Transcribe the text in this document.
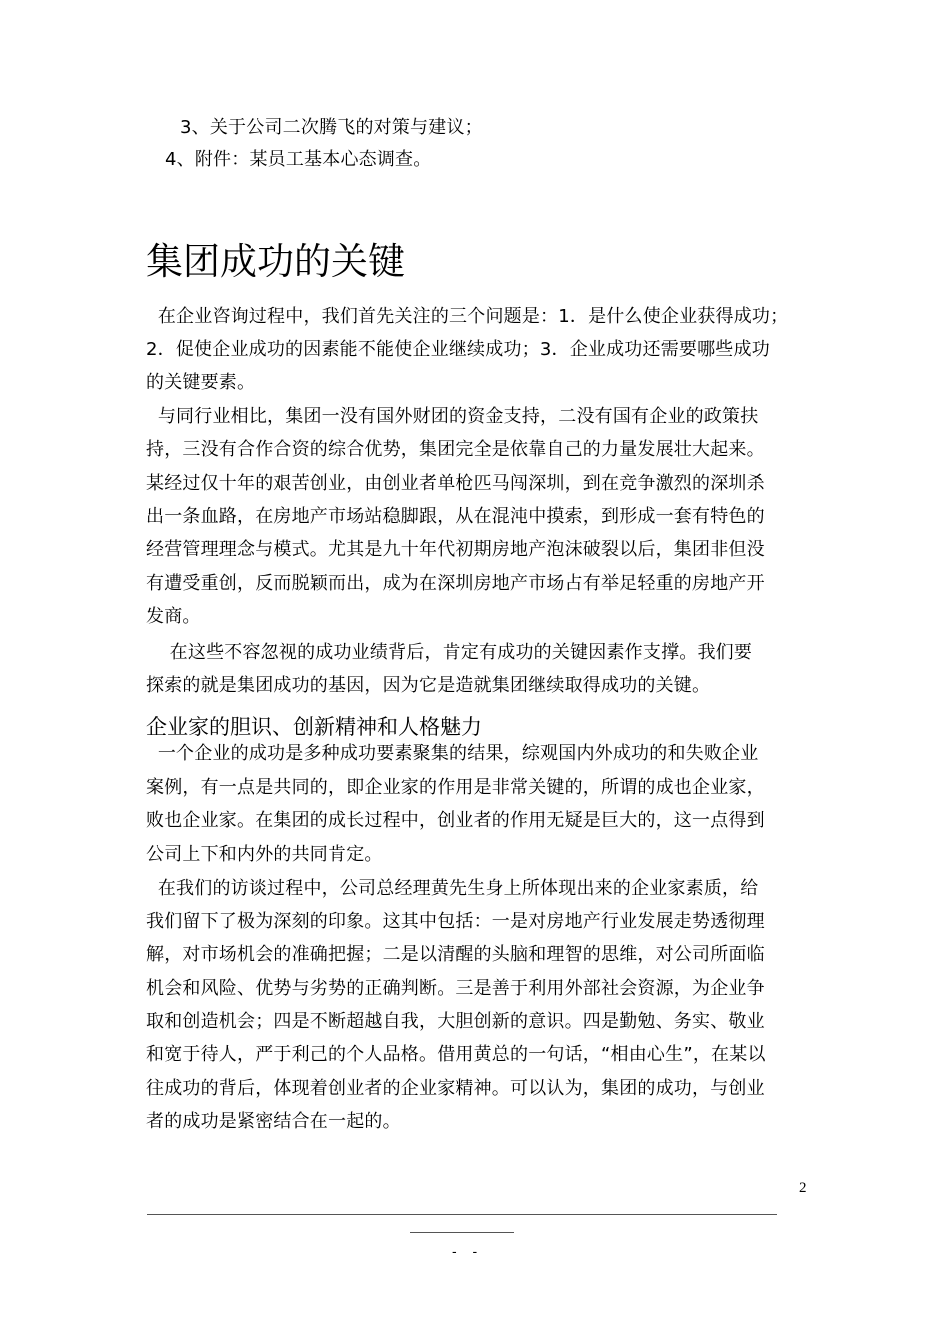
3、关于公司二次腾飞的对策与建议；
4、附件：某员工基本心态调查。
集团成功的关键
在企业咨询过程中，我们首先关注的三个问题是：1．是什么使企业获得成功；
2．促使企业成功的因素能不能使企业继续成功；3．企业成功还需要哪些成功
的关键要素。
与同行业相比，集团一没有国外财团的资金支持，二没有国有企业的政策扶
持，三没有合作合资的综合优势，集团完全是依靠自己的力量发展壮大起来。
某经过仅十年的艰苦创业，由创业者单枪匹马闯深圳，到在竞争激烈的深圳杀
出一条血路，在房地产市场站稳脚跟，从在混沌中摸索，到形成一套有特色的
经营管理理念与模式。尤其是九十年代初期房地产泡沫破裂以后，集团非但没
有遭受重创，反而脱颖而出，成为在深圳房地产市场占有举足轻重的房地产开
发商。
在这些不容忽视的成功业绩背后，肯定有成功的关键因素作支撑。我们要
探索的就是集团成功的基因，因为它是造就集团继续取得成功的关键。
企业家的胆识、创新精神和人格魅力
一个企业的成功是多种成功要素聚集的结果，综观国内外成功的和失败企业
案例，有一点是共同的，即企业家的作用是非常关键的，所谓的成也企业家，
败也企业家。在集团的成长过程中，创业者的作用无疑是巨大的，这一点得到
公司上下和内外的共同肯定。
在我们的访谈过程中，公司总经理黄先生身上所体现出来的企业家素质，给
我们留下了极为深刻的印象。这其中包括：一是对房地产行业发展走势透彻理
解，对市场机会的准确把握；二是以清醒的头脑和理智的思维，对公司所面临
机会和风险、优势与劣势的正确判断。三是善于利用外部社会资源，为企业争
取和创造机会；四是不断超越自我，大胆创新的意识。四是勤勉、务实、敬业
和宽于待人，严于利己的个人品格。借用黄总的一句话，“相由心生”，在某以
往成功的背后，体现着创业者的企业家精神。可以认为，集团的成功，与创业
者的成功是紧密结合在一起的。
2
- -
